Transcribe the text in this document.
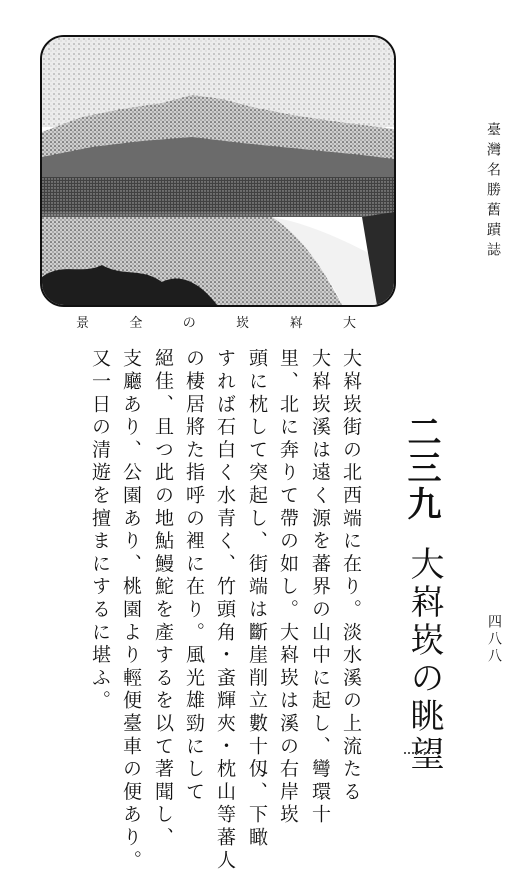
景	全	の	崁	嵙	大
臺灣名勝舊蹟誌
四八八
二三九
大嵙崁の眺望
大嵙崁街の北西端に在り。淡水溪の上流たる
大嵙崁溪は遠く源を蕃界の山中に起し、彎環十
里、北に奔りて帶の如し。大嵙崁は溪の右岸崁
頭に枕して突起し、街端は斷崖削立數十仭、下瞰
すれば石白く水青く、竹頭角・蚉輝夾・枕山等蕃人
の棲居將た指呼の裡に在り。風光雄勁にして
絕佳、且つ此の地鮎鰻鮀を產するを以て著聞し、
支廳あり、公園あり、桃園より輕便臺車の便あり。
又一日の清遊を擅まにするに堪ふ。
